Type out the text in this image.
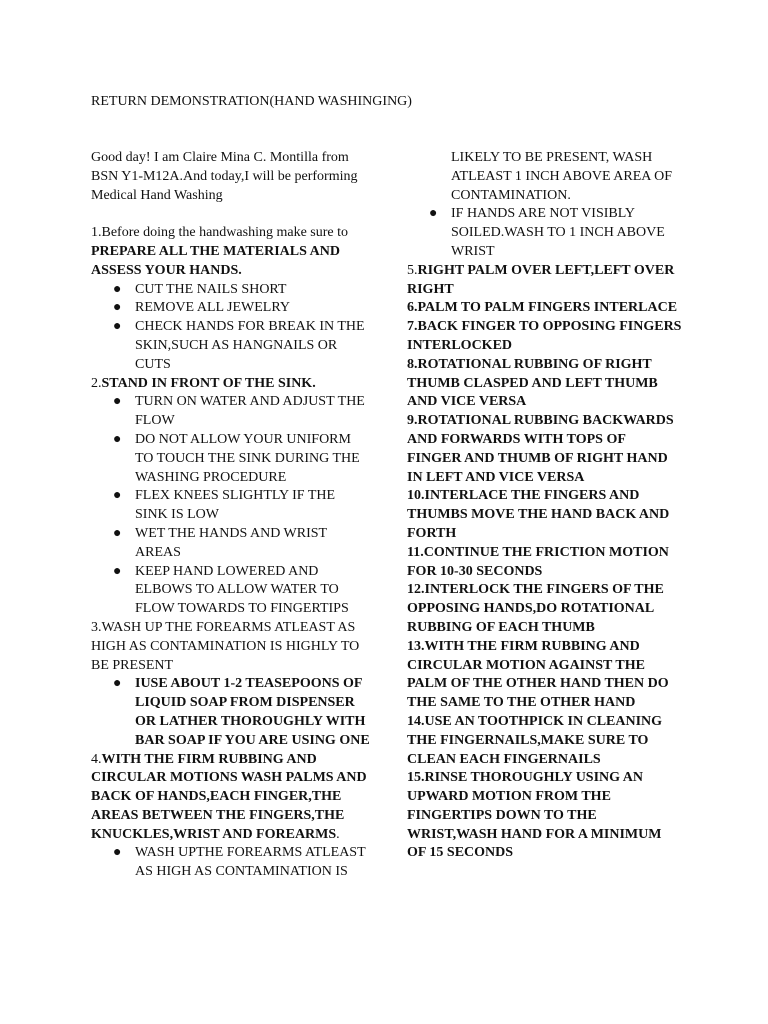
RETURN DEMONSTRATION(HAND WASHINGING)

Good day! I am Claire Mina C. Montilla from BSN Y1-M12A.And today,I will be performing Medical Hand Washing

1.Before doing the handwashing make sure to PREPARE ALL THE MATERIALS AND ASSESS YOUR HANDS.

● CUT THE NAILS SHORT
● REMOVE ALL JEWELRY
● CHECK HANDS FOR BREAK IN THE SKIN,SUCH AS HANGNAILS OR CUTS

2.STAND IN FRONT OF THE SINK.

● TURN ON WATER AND ADJUST THE FLOW
● DO NOT ALLOW YOUR UNIFORM TO TOUCH THE SINK DURING THE WASHING PROCEDURE
● FLEX KNEES SLIGHTLY IF THE SINK IS LOW
● WET THE HANDS AND WRIST AREAS
● KEEP HAND LOWERED AND ELBOWS TO ALLOW WATER TO FLOW TOWARDS TO FINGERTIPS

3.WASH UP THE FOREARMS ATLEAST AS HIGH AS CONTAMINATION IS HIGHLY TO BE PRESENT

● IUSE ABOUT 1-2 TEASEPOONS OF LIQUID SOAP FROM DISPENSER OR LATHER THOROUGHLY WITH BAR SOAP IF YOU ARE USING ONE

4.WITH THE FIRM RUBBING AND CIRCULAR MOTIONS WASH PALMS AND BACK OF HANDS,EACH FINGER,THE AREAS BETWEEN THE FINGERS,THE KNUCKLES,WRIST AND FOREARMS.

● WASH UPTHE FOREARMS ATLEAST AS HIGH AS CONTAMINATION IS
LIKELY TO BE PRESENT, WASH ATLEAST 1 INCH ABOVE AREA OF CONTAMINATION.
● IF HANDS ARE NOT VISIBLY SOILED.WASH TO 1 INCH ABOVE WRIST

5.RIGHT PALM OVER LEFT,LEFT OVER RIGHT

6.PALM TO PALM FINGERS INTERLACE

7.BACK FINGER TO OPPOSING FINGERS INTERLOCKED

8.ROTATIONAL RUBBING OF RIGHT THUMB CLASPED AND LEFT THUMB AND VICE VERSA

9.ROTATIONAL RUBBING BACKWARDS AND FORWARDS WITH TOPS OF FINGER AND THUMB OF RIGHT HAND IN LEFT AND VICE VERSA

10.INTERLACE THE FINGERS AND THUMBS MOVE THE HAND BACK AND FORTH

11.CONTINUE THE FRICTION MOTION FOR 10-30 SECONDS

12.INTERLOCK THE FINGERS OF THE OPPOSING HANDS,DO ROTATIONAL RUBBING OF EACH THUMB

13.WITH THE FIRM RUBBING AND CIRCULAR MOTION AGAINST THE PALM OF THE OTHER HAND THEN DO THE SAME TO THE OTHER HAND

14.USE AN TOOTHPICK IN CLEANING THE FINGERNAILS,MAKE SURE TO CLEAN EACH FINGERNAILS

15.RINSE THOROUGHLY USING AN UPWARD MOTION FROM THE FINGERTIPS DOWN TO THE WRIST,WASH HAND FOR A MINIMUM OF 15 SECONDS
